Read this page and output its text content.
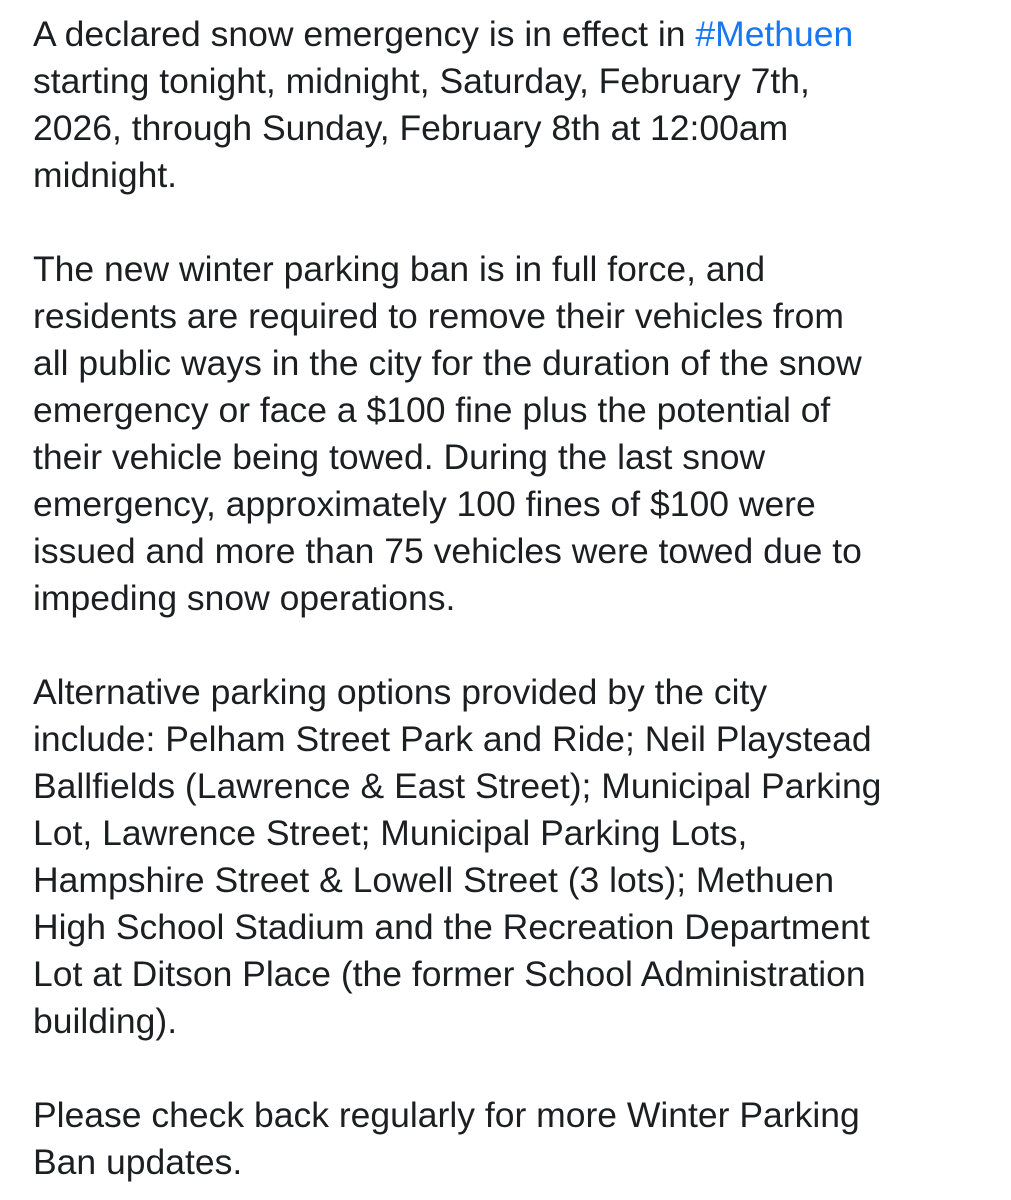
A declared snow emergency is in effect in #Methuen
starting tonight, midnight, Saturday, February 7th,
2026, through Sunday, February 8th at 12:00am
midnight.

The new winter parking ban is in full force, and
residents are required to remove their vehicles from
all public ways in the city for the duration of the snow
emergency or face a $100 fine plus the potential of
their vehicle being towed. During the last snow
emergency, approximately 100 fines of $100 were
issued and more than 75 vehicles were towed due to
impeding snow operations.

Alternative parking options provided by the city
include: Pelham Street Park and Ride; Neil Playstead
Ballfields (Lawrence & East Street); Municipal Parking
Lot, Lawrence Street; Municipal Parking Lots,
Hampshire Street & Lowell Street (3 lots); Methuen
High School Stadium and the Recreation Department
Lot at Ditson Place (the former School Administration
building).

Please check back regularly for more Winter Parking
Ban updates.
